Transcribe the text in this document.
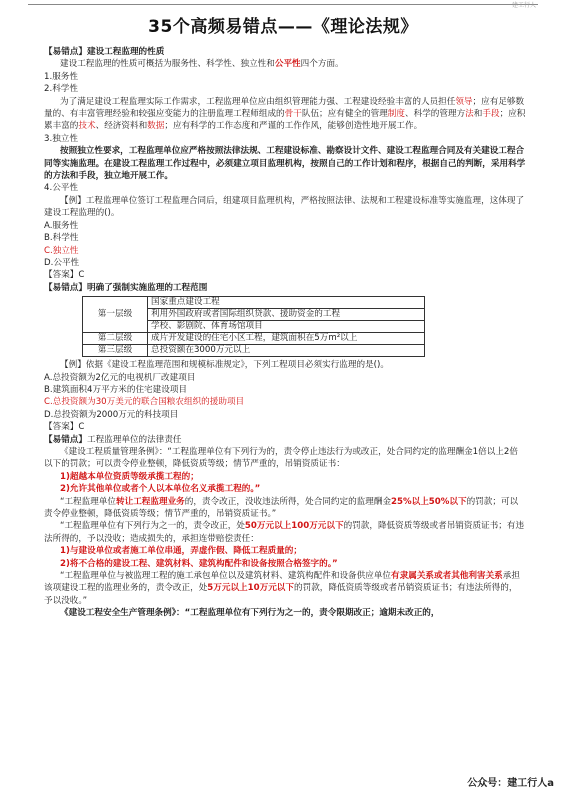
建工行人
35个高频易错点——《理论法规》

【易错点】建设工程监理的性质

建设工程监理的性质可概括为服务性、科学性、独立性和公平性四个方面。

1.服务性

2.科学性

为了满足建设工程监理实际工作需求，工程监理单位应由组织管理能力强、工程建设经验丰富的人员担任领导；应有足够数量的、有丰富管理经验和较强应变能力的注册监理工程师组成的骨干队伍；应有健全的管理制度、科学的管理方法和手段；应积累丰富的技术、经济资料和数据；应有科学的工作态度和严谨的工作作风，能够创造性地开展工作。

3.独立性

按照独立性要求，工程监理单位应严格按照法律法规、工程建设标准、勘察设计文件、建设工程监理合同及有关建设工程合同等实施监理。在建设工程监理工作过程中，必须建立项目监理机构，按照自己的工作计划和程序，根据自己的判断，采用科学的方法和手段，独立地开展工作。

4.公平性

【例】工程监理单位签订工程监理合同后，组建项目监理机构，严格按照法律、法规和工程建设标准等实施监理，这体现了建设工程监理的()。

A.服务性

B.科学性

C.独立性

D.公平性

【答案】C

【易错点】明确了强制实施监理的工程范围

第一层级	国家重点建设工程
	利用外国政府或者国际组织贷款、援助资金的工程
	学校、影剧院、体育场馆项目
第二层级	成片开发建设的住宅小区工程，建筑面积在5万m²以上
第三层级	总投资额在3000万元以上

【例】依据《建设工程监理范围和规模标准规定》，下列工程项目必须实行监理的是()。

A.总投资额为2亿元的电视机厂改建项目

B.建筑面积4万平方米的住宅建设项目

C.总投资额为30万美元的联合国粮农组织的援助项目

D.总投资额为2000万元的科技项目

【答案】C

【易错点】工程监理单位的法律责任

《建设工程质量管理条例》：“工程监理单位有下列行为的，责令停止违法行为或改正，处合同约定的监理酬金1倍以上2倍以下的罚款；可以责令停业整顿，降低资质等级；情节严重的，吊销资质证书：

1)超越本单位资质等级承揽工程的；

2)允许其他单位或者个人以本单位名义承揽工程的。”

“工程监理单位转让工程监理业务的，责令改正，没收违法所得，处合同约定的监理酬金25%以上50%以下的罚款；可以责令停业整顿，降低资质等级；情节严重的，吊销资质证书。”

“工程监理单位有下列行为之一的，责令改正，处50万元以上100万元以下的罚款，降低资质等级或者吊销资质证书；有违法所得的，予以没收；造成损失的，承担连带赔偿责任：

1)与建设单位或者施工单位串通，弄虚作假、降低工程质量的；

2)将不合格的建设工程、建筑材料、建筑构配件和设备按照合格签字的。”

“工程监理单位与被监理工程的施工承包单位以及建筑材料、建筑构配件和设备供应单位有隶属关系或者其他利害关系承担该项建设工程的监理业务的，责令改正，处5万元以上10万元以下的罚款，降低资质等级或者吊销资质证书；有违法所得的，予以没收。”

《建设工程安全生产管理条例》：“工程监理单位有下列行为之一的，责令限期改正；逾期未改正的，

公众号：建工行人a
